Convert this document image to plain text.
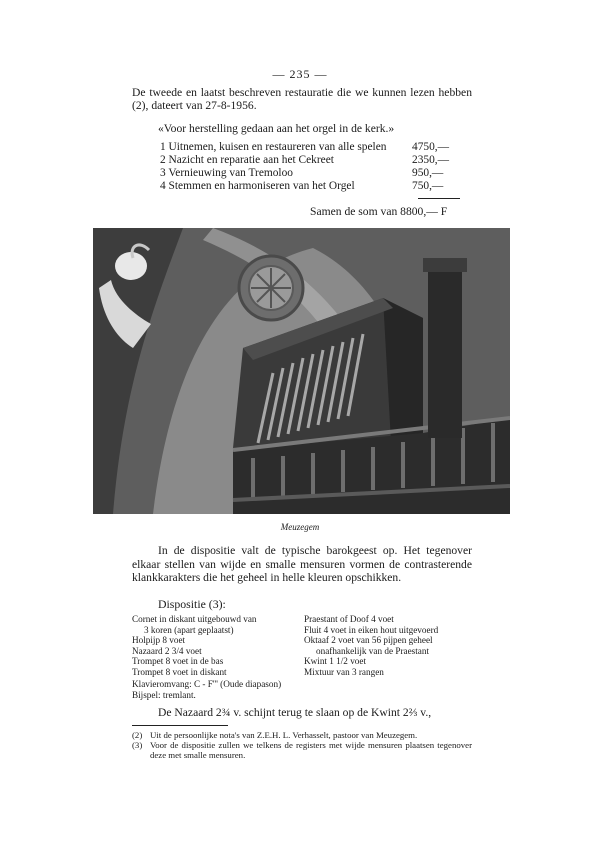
— 235 —
De tweede en laatst beschreven restauratie die we kunnen lezen hebben (2), dateert van 27-8-1956.
«Voor herstelling gedaan aan het orgel in de kerk.»
1 Uitnemen, kuisen en restaureren van alle spelen 4750,—
2 Nazicht en reparatie aan het Cekreet	2350,—
3 Vernieuwing van Tremoloo	950,—
4 Stemmen en harmoniseren van het Orgel	750,—
Samen de som van 8800,— F
Meuzegem
In de dispositie valt de typische barokgeest op. Het tegenover elkaar stellen van wijde en smalle mensuren vormen de contrasterende klankkarakters die het geheel in helle kleuren opschikken.
Dispositie (3):
Cornet in diskant uitgebouwd van
3 koren (apart geplaatst)
Holpijp 8 voet
Nazaard 2 3/4 voet
Trompet 8 voet in de bas
Trompet 8 voet in diskant
Praestant of Doof 4 voet
Fluit 4 voet in eiken hout uitgevoerd
Oktaaf 2 voet van 56 pijpen geheel
onafhankelijk van de Praestant
Kwint 1 1/2 voet
Mixtuur van 3 rangen
Klavieromvang: C - F''' (Oude diapason)
Bijspel: tremlant.
De Nazaard 2¾ v. schijnt terug te slaan op de Kwint 2⅔ v.,
(2) Uit de persoonlijke nota's van Z.E.H. L. Verhasselt, pastoor van Meuzegem.
(3) Voor de dispositie zullen we telkens de registers met wijde mensuren plaatsen tegenover deze met smalle mensuren.
